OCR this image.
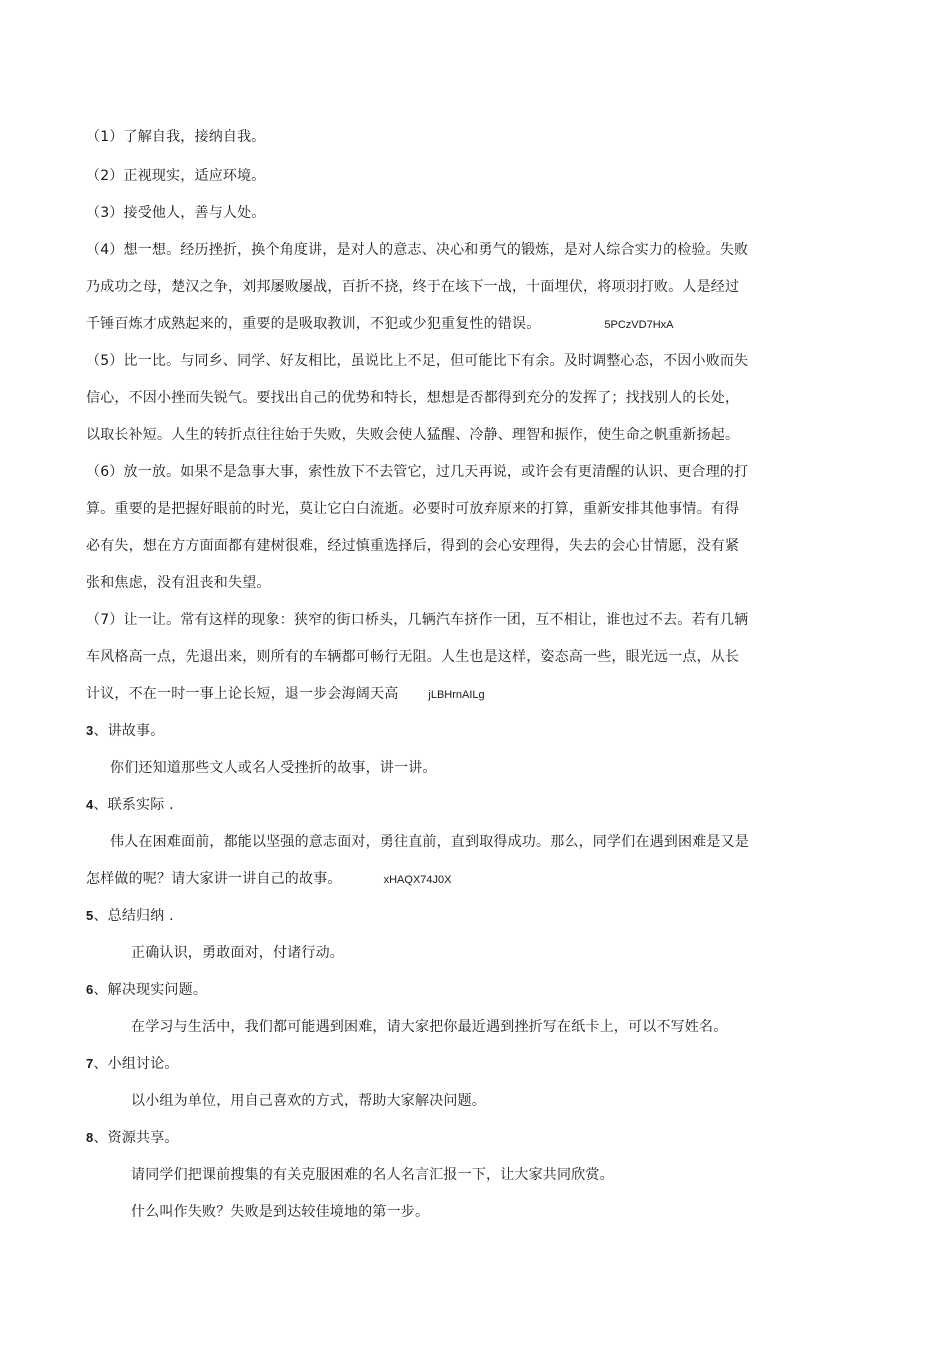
（1）了解自我，接纳自我。
（2）正视现实，适应环境。
（3）接受他人，善与人处。
（4）想一想。经历挫折，换个角度讲，是对人的意志、决心和勇气的锻炼，是对人综合实力的检验。失败
乃成功之母，楚汉之争，刘邦屡败屡战，百折不挠，终于在垓下一战，十面埋伏，将项羽打败。人是经过
千锤百炼才成熟起来的，重要的是吸取教训，不犯或少犯重复性的错误。	5PCzVD7HxA
（5）比一比。与同乡、同学、好友相比，虽说比上不足，但可能比下有余。及时调整心态，不因小败而失
信心，不因小挫而失锐气。要找出自己的优势和特长，想想是否都得到充分的发挥了；找找别人的长处，
以取长补短。人生的转折点往往始于失败，失败会使人猛醒、冷静、理智和振作，使生命之帆重新扬起。
（6）放一放。如果不是急事大事，索性放下不去管它，过几天再说，或许会有更清醒的认识、更合理的打
算。重要的是把握好眼前的时光，莫让它白白流逝。必要时可放弃原来的打算，重新安排其他事情。有得
必有失，想在方方面面都有建树很难，经过慎重选择后，得到的会心安理得，失去的会心甘情愿，没有紧
张和焦虑，没有沮丧和失望。
（7）让一让。常有这样的现象：狭窄的街口桥头，几辆汽车挤作一团，互不相让，谁也过不去。若有几辆
车风格高一点，先退出来，则所有的车辆都可畅行无阻。人生也是这样，姿态高一些，眼光远一点，从长
计议，不在一时一事上论长短，退一步会海阔天高	jLBHrnAILg
3、讲故事。
你们还知道那些文人或名人受挫折的故事，讲一讲。
4、联系实际 .
伟人在困难面前，都能以坚强的意志面对，勇往直前，直到取得成功。那么，同学们在遇到困难是又是
怎样做的呢？请大家讲一讲自己的故事。	xHAQX74J0X
5、总结归纳 .
正确认识，勇敢面对，付诸行动。
6、解决现实问题。
在学习与生活中，我们都可能遇到困难，请大家把你最近遇到挫折写在纸卡上，可以不写姓名。
7、小组讨论。
以小组为单位，用自己喜欢的方式，帮助大家解决问题。
8、资源共享。
请同学们把课前搜集的有关克服困难的名人名言汇报一下，让大家共同欣赏。
什么叫作失败？失败是到达较佳境地的第一步。
